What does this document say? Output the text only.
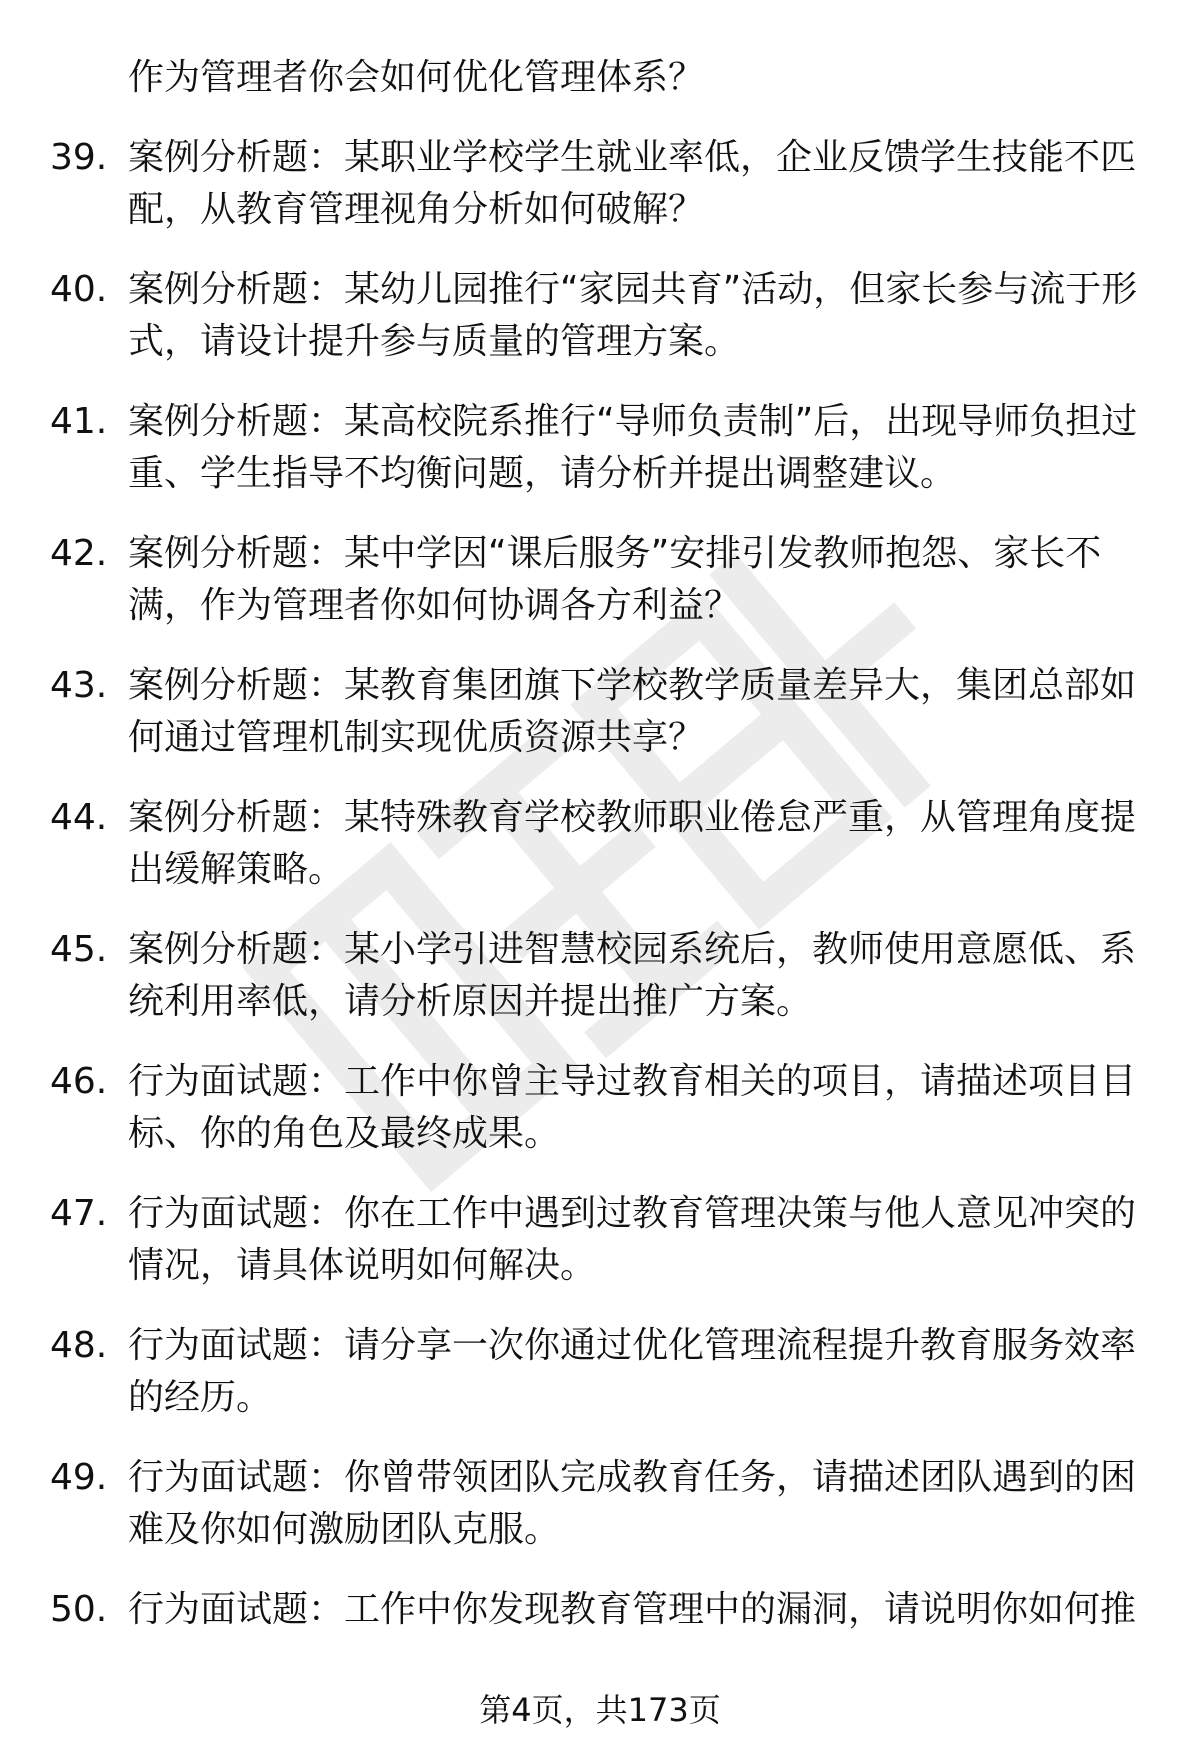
作为管理者你会如何优化管理体系？
39. 案例分析题：某职业学校学生就业率低，企业反馈学生技能不匹配，从教育管理视角分析如何破解？
40. 案例分析题：某幼儿园推行“家园共育”活动，但家长参与流于形式，请设计提升参与质量的管理方案。
41. 案例分析题：某高校院系推行“导师负责制”后，出现导师负担过重、学生指导不均衡问题，请分析并提出调整建议。
42. 案例分析题：某中学因“课后服务”安排引发教师抱怨、家长不满，作为管理者你如何协调各方利益？
43. 案例分析题：某教育集团旗下学校教学质量差异大，集团总部如何通过管理机制实现优质资源共享？
44. 案例分析题：某特殊教育学校教师职业倦怠严重，从管理角度提出缓解策略。
45. 案例分析题：某小学引进智慧校园系统后，教师使用意愿低、系统利用率低，请分析原因并提出推广方案。
46. 行为面试题：工作中你曾主导过教育相关的项目，请描述项目目标、你的角色及最终成果。
47. 行为面试题：你在工作中遇到过教育管理决策与他人意见冲突的情况，请具体说明如何解决。
48. 行为面试题：请分享一次你通过优化管理流程提升教育服务效率的经历。
49. 行为面试题：你曾带领团队完成教育任务，请描述团队遇到的困难及你如何激励团队克服。
50. 行为面试题：工作中你发现教育管理中的漏洞，请说明你如何推
第4页，共173页
